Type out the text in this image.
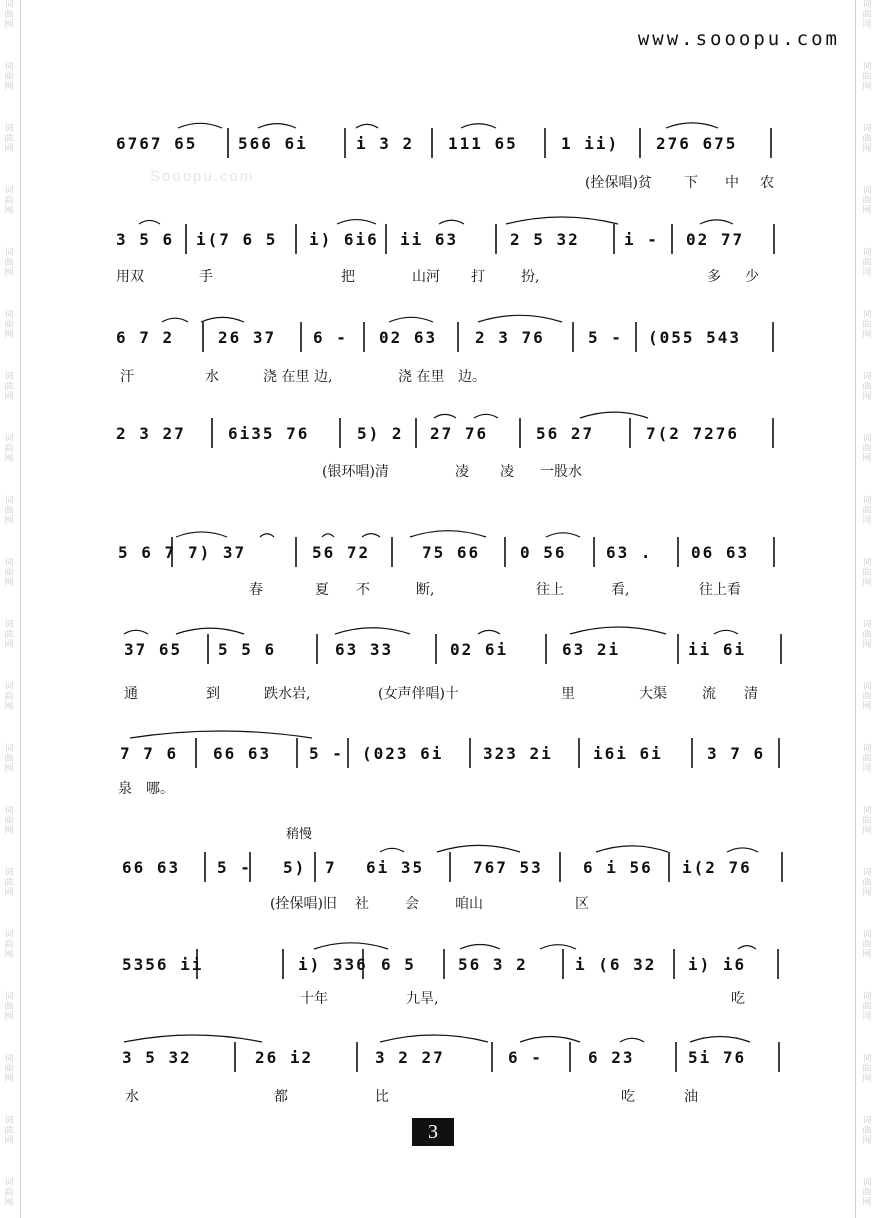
词
曲
网
词
曲
网
词
曲
网
词
曲
网
词
曲
网
词
曲
网
词
曲
网
词
曲
网
词
曲
网
词
曲
网
词
曲
网
词
曲
网
词
曲
网
词
曲
网
词
曲
网
词
曲
网
词
曲
网
词
曲
网
词
曲
网
词
曲
网
词
曲
网
词
曲
网
词
曲
网
词
曲
网
词
曲
网
词
曲
网
词
曲
网
词
曲
网
词
曲
网
词
曲
网
词
曲
网
词
曲
网
词
曲
网
词
曲
网
词
曲
网
词
曲
网
词
曲
网
词
曲
网
词
曲
网
词
曲
网
www.sooopu.com
Sooopu.com
稍慢
6767 65	566 6i	i 3 2 111 65	1 ii) 276 675
(拴保唱)贫 下 中 农
3 5 6 i(7 6 5 i) 6i6 ii 63	2 5 32	i - 02 77
用双	手	把	山河 打	扮,	多 少
6 7 2	26 37 6 - 02 63 2 3 76	5 - (055 543
汗	水	浇 在里 边,	浇 在里 边。
2 3 27	6i35 76	5) 2 27 76	56 27	7(2 7276
(银环唱)清	凌 凌 一股水
5 6 7 7) 37	56 72	75 66 0 56 63 . 06 63
春	夏 不	断,	往上	看,	往上看
37 65 5 5 6	63 33	02 6i	63 2i	ii 6i
通	到	跌水岩,	(女声伴唱)十	里	大渠	流 清
7 7 6 66 63 5 - (023 6i 323 2i	i6i 6i	3 7 6
泉 哪。
66 63 5 - 5) 7 6i 35	767 53	6 i 56 i(2 76
(拴保唱)旧 社	会	咱山	区
5356 ii	i) 336 6 5	56 3 2	i (6 32 i) i6
十年	九旱,	吃
3 5 32	26 i2	3 2 27	6 -	6 23	5i 76
水	都	比	吃	油
3
